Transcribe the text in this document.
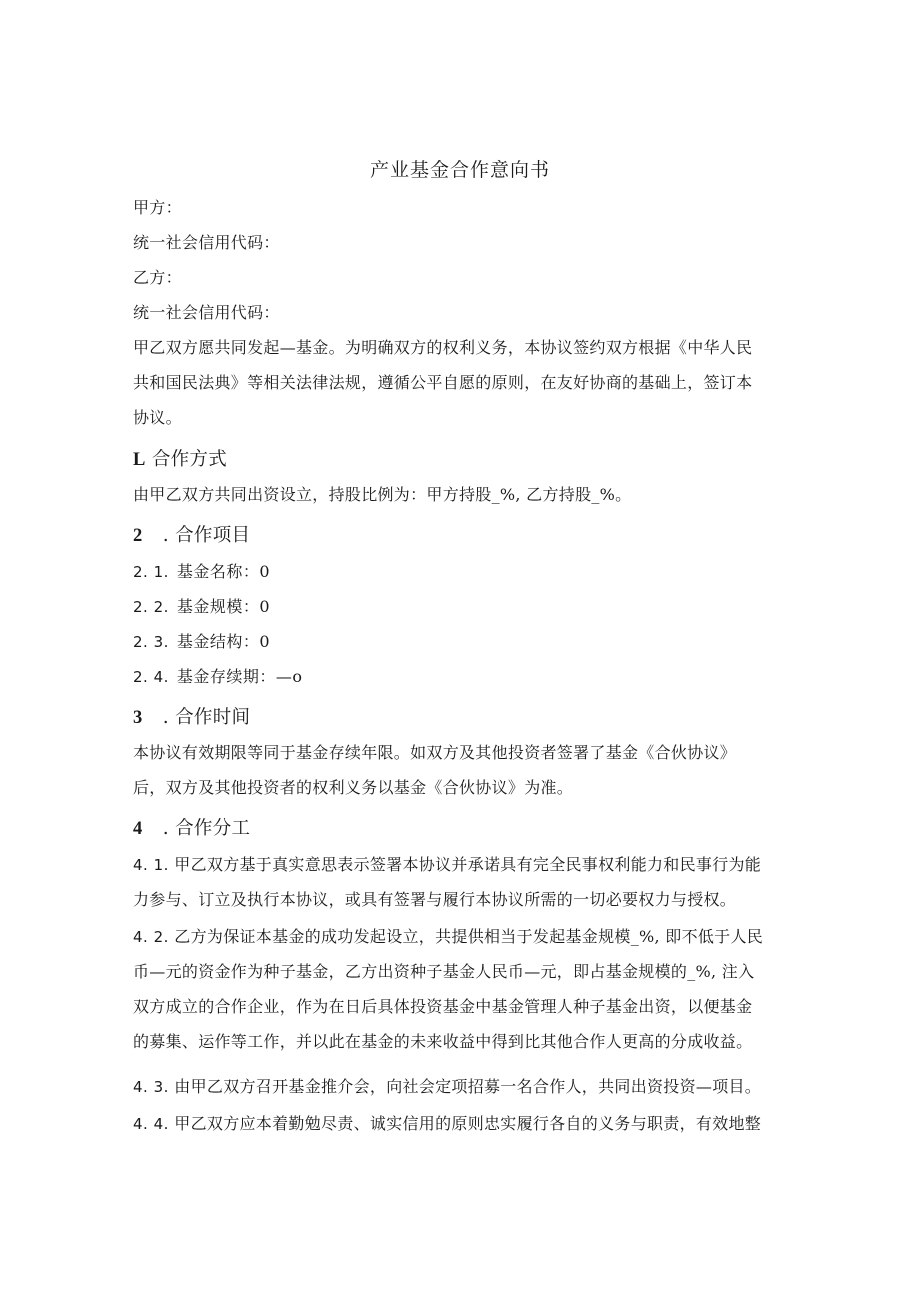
产业基金合作意向书
甲方：
统一社会信用代码：
乙方：
统一社会信用代码：
甲乙双方愿共同发起—基金。为明确双方的权利义务，本协议签约双方根据《中华人民
共和国民法典》等相关法律法规，遵循公平自愿的原则，在友好协商的基础上，签订本
协议。
L 合作方式
由甲乙双方共同出资设立，持股比例为：甲方持股_%, 乙方持股_%。
2 . 合作项目
2. 1. 基金名称：0
2. 2. 基金规模：0
2. 3. 基金结构：0
2. 4. 基金存续期：—o
3 . 合作时间
本协议有效期限等同于基金存续年限。如双方及其他投资者签署了基金《合伙协议》
后，双方及其他投资者的权利义务以基金《合伙协议》为准。
4 . 合作分工
4. 1. 甲乙双方基于真实意思表示签署本协议并承诺具有完全民事权利能力和民事行为能
力参与、订立及执行本协议，或具有签署与履行本协议所需的一切必要权力与授权。
4. 2. 乙方为保证本基金的成功发起设立，共提供相当于发起基金规模_%, 即不低于人民
币—元的资金作为种子基金，乙方出资种子基金人民币—元，即占基金规模的_%, 注入
双方成立的合作企业，作为在日后具体投资基金中基金管理人种子基金出资，以便基金
的募集、运作等工作，并以此在基金的未来收益中得到比其他合作人更高的分成收益。
4. 3. 由甲乙双方召开基金推介会，向社会定项招募一名合作人，共同出资投资—项目。
4. 4. 甲乙双方应本着勤勉尽责、诚实信用的原则忠实履行各自的义务与职责，有效地整
